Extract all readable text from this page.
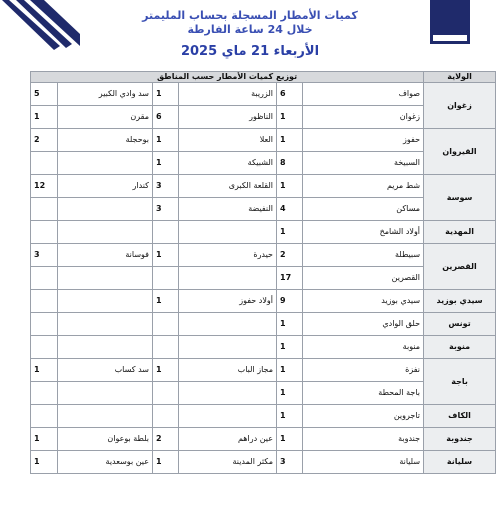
كميات الأمطار المسجلة بحساب المليمتر
خلال 24 ساعة الفارطة
الأربعاء 21 ماي 2025
توزيع كميات الأمطار حسب المناطق						الولاية
5	سد وادي الكبير	1	الزريبة	6	صواف	زغوان
1	مقرن	6	الناظور	1	زغوان	
2	بوحجلة	1	العلا	1	حفوز	القيروان
		1	الشبيكة	8	السبيخة	
12	كندار	3	القلعة الكبرى	1	شط مريم	سوسة
		3	النفيضة	4	مساكن	
				1	أولاد الشامخ	المهدية
3	فوسانة	1	حيدرة	2	سبيطلة	القصرين
				17	القصرين	
		1	أولاد حفوز	9	سيدي بوزيد	سيدي بوزيد
				1	حلق الوادي	تونس
				1	منوبة	منوبة
1	سد كساب	1	مجاز الباب	1	نفزة	باجة
				1	باجة المحطة	
				1	تاجروين	الكاف
1	بلطة بوعوان	2	عين دراهم	1	جندوبة	جندوبة
1	عين بوسعدية	1	مكثر المدينة	3	سليانة	سليانة
